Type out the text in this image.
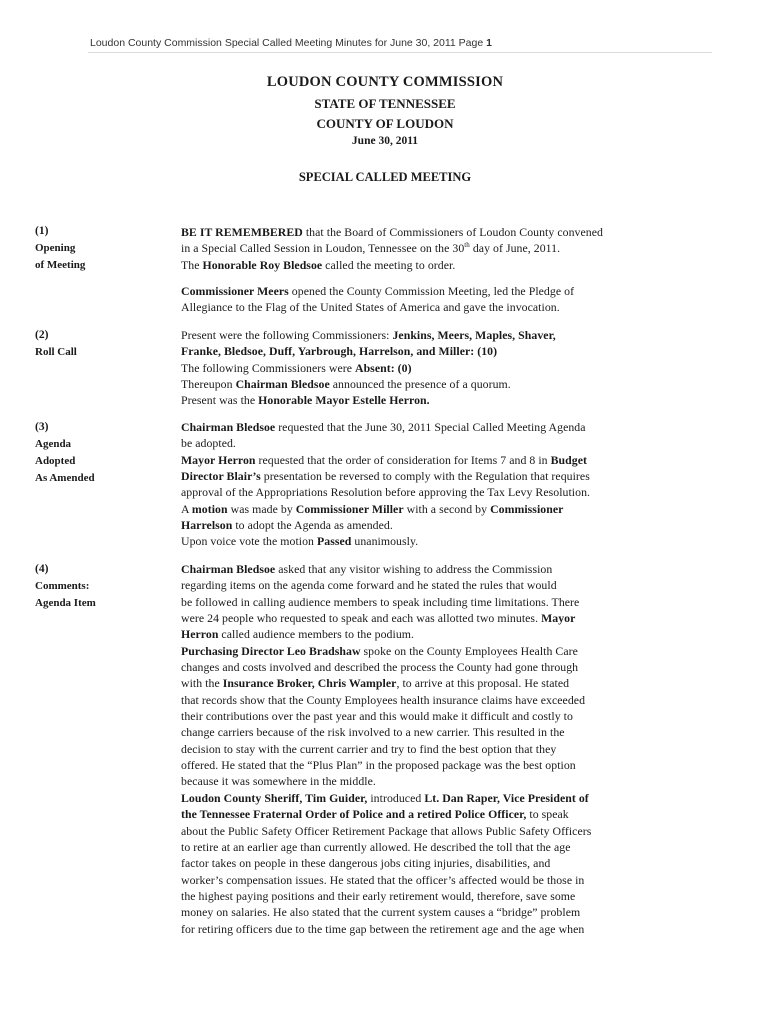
Loudon County Commission Special Called Meeting Minutes for June 30, 2011 Page 1
LOUDON COUNTY COMMISSION
STATE OF TENNESSEE
COUNTY OF LOUDON
June 30, 2011
SPECIAL CALLED MEETING
(1)
Opening
of Meeting
BE IT REMEMBERED that the Board of Commissioners of Loudon County convened
in a Special Called Session in Loudon, Tennessee on the 30th day of June, 2011.
The Honorable Roy Bledsoe called the meeting to order.
Commissioner Meers opened the County Commission Meeting, led the Pledge of
Allegiance to the Flag of the United States of America and gave the invocation.
(2)
Roll Call
Present were the following Commissioners: Jenkins, Meers, Maples, Shaver,
Franke, Bledsoe, Duff, Yarbrough, Harrelson, and Miller: (10)
The following Commissioners were Absent: (0)
Thereupon Chairman Bledsoe announced the presence of a quorum.
Present was the Honorable Mayor Estelle Herron.
(3)
Agenda
Adopted
As Amended
Chairman Bledsoe requested that the June 30, 2011 Special Called Meeting Agenda
be adopted.
Mayor Herron requested that the order of consideration for Items 7 and 8 in Budget
Director Blair’s presentation be reversed to comply with the Regulation that requires
approval of the Appropriations Resolution before approving the Tax Levy Resolution.
A motion was made by Commissioner Miller with a second by Commissioner
Harrelson to adopt the Agenda as amended.
Upon voice vote the motion Passed unanimously.
(4)
Comments:
Agenda Item
Chairman Bledsoe asked that any visitor wishing to address the Commission
regarding items on the agenda come forward and he stated the rules that would
be followed in calling audience members to speak including time limitations. There
were 24 people who requested to speak and each was allotted two minutes. Mayor
Herron called audience members to the podium.
Purchasing Director Leo Bradshaw spoke on the County Employees Health Care
changes and costs involved and described the process the County had gone through
with the Insurance Broker, Chris Wampler, to arrive at this proposal. He stated
that records show that the County Employees health insurance claims have exceeded
their contributions over the past year and this would make it difficult and costly to
change carriers because of the risk involved to a new carrier. This resulted in the
decision to stay with the current carrier and try to find the best option that they
offered. He stated that the “Plus Plan” in the proposed package was the best option
because it was somewhere in the middle.
Loudon County Sheriff, Tim Guider, introduced Lt. Dan Raper, Vice President of
the Tennessee Fraternal Order of Police and a retired Police Officer, to speak
about the Public Safety Officer Retirement Package that allows Public Safety Officers
to retire at an earlier age than currently allowed. He described the toll that the age
factor takes on people in these dangerous jobs citing injuries, disabilities, and
worker’s compensation issues. He stated that the officer’s affected would be those in
the highest paying positions and their early retirement would, therefore, save some
money on salaries. He also stated that the current system causes a “bridge” problem
for retiring officers due to the time gap between the retirement age and the age when
